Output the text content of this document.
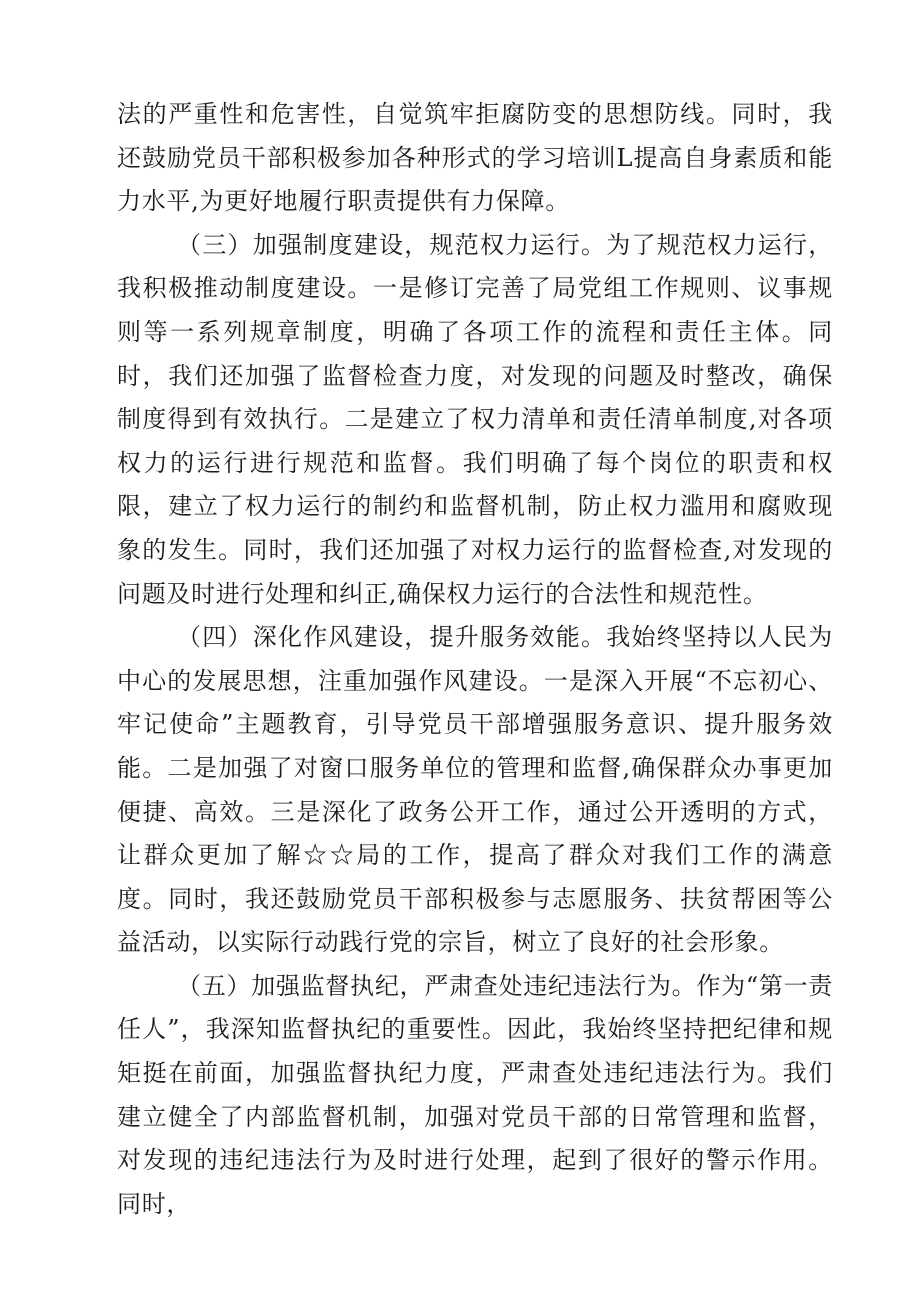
法的严重性和危害性，自觉筑牢拒腐防变的思想防线。同时，我还鼓励党员干部积极参加各种形式的学习培训L提高自身素质和能力水平,为更好地履行职责提供有力保障。

（三）加强制度建设，规范权力运行。为了规范权力运行，我积极推动制度建设。一是修订完善了局党组工作规则、议事规则等一系列规章制度，明确了各项工作的流程和责任主体。同时，我们还加强了监督检查力度，对发现的问题及时整改，确保制度得到有效执行。二是建立了权力清单和责任清单制度,对各项权力的运行进行规范和监督。我们明确了每个岗位的职责和权限，建立了权力运行的制约和监督机制，防止权力滥用和腐败现象的发生。同时，我们还加强了对权力运行的监督检查,对发现的问题及时进行处理和纠正,确保权力运行的合法性和规范性。

（四）深化作风建设，提升服务效能。我始终坚持以人民为中心的发展思想，注重加强作风建设。一是深入开展“不忘初心、牢记使命”主题教育，引导党员干部增强服务意识、提升服务效能。二是加强了对窗口服务单位的管理和监督,确保群众办事更加便捷、高效。三是深化了政务公开工作，通过公开透明的方式，让群众更加了解☆☆局的工作，提高了群众对我们工作的满意度。同时，我还鼓励党员干部积极参与志愿服务、扶贫帮困等公益活动，以实际行动践行党的宗旨，树立了良好的社会形象。

（五）加强监督执纪，严肃查处违纪违法行为。作为“第一责任人”，我深知监督执纪的重要性。因此，我始终坚持把纪律和规矩挺在前面，加强监督执纪力度，严肃查处违纪违法行为。我们建立健全了内部监督机制，加强对党员干部的日常管理和监督，对发现的违纪违法行为及时进行处理，起到了很好的警示作用。同时，
